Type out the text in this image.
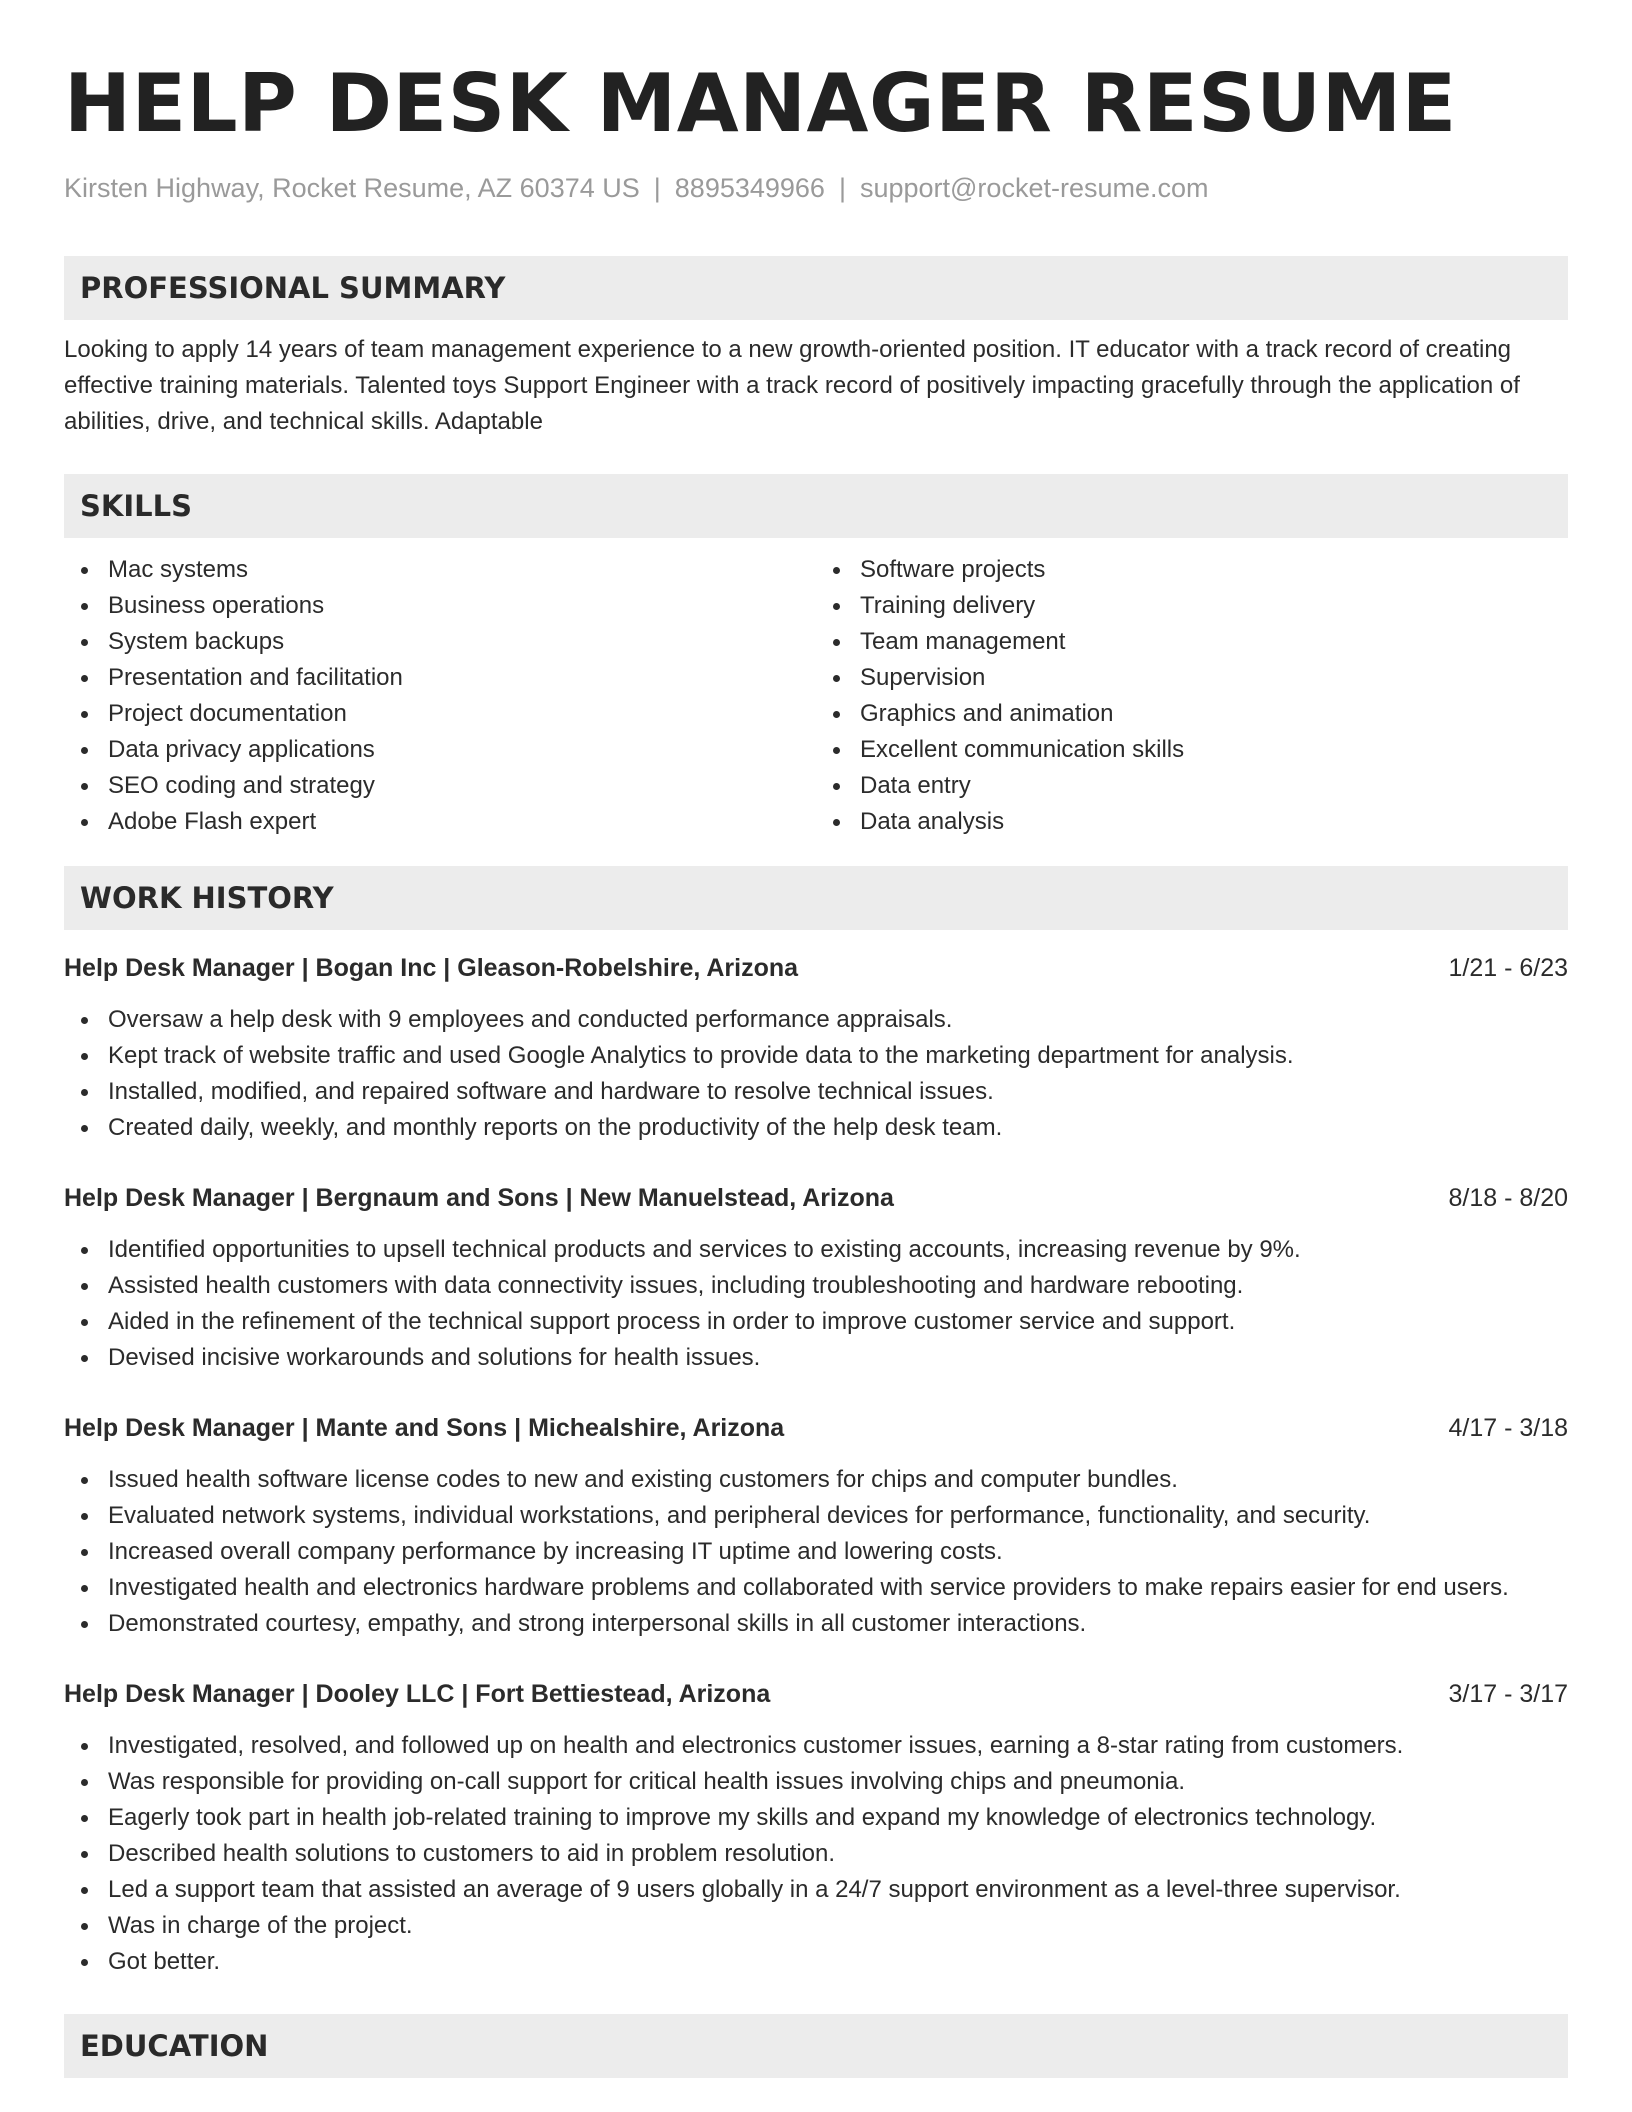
HELP DESK MANAGER RESUME
Kirsten Highway, Rocket Resume, AZ 60374 US | 8895349966 | support@rocket-resume.com
PROFESSIONAL SUMMARY
Looking to apply 14 years of team management experience to a new growth-oriented position. IT educator with a track record of creating effective training materials. Talented toys Support Engineer with a track record of positively impacting gracefully through the application of abilities, drive, and technical skills. Adaptable
SKILLS
Mac systems
Business operations
System backups
Presentation and facilitation
Project documentation
Data privacy applications
SEO coding and strategy
Adobe Flash expert
Software projects
Training delivery
Team management
Supervision
Graphics and animation
Excellent communication skills
Data entry
Data analysis
WORK HISTORY
Help Desk Manager | Bogan Inc | Gleason-Robelshire, Arizona	1/21 - 6/23
Oversaw a help desk with 9 employees and conducted performance appraisals.
Kept track of website traffic and used Google Analytics to provide data to the marketing department for analysis.
Installed, modified, and repaired software and hardware to resolve technical issues.
Created daily, weekly, and monthly reports on the productivity of the help desk team.
Help Desk Manager | Bergnaum and Sons | New Manuelstead, Arizona	8/18 - 8/20
Identified opportunities to upsell technical products and services to existing accounts, increasing revenue by 9%.
Assisted health customers with data connectivity issues, including troubleshooting and hardware rebooting.
Aided in the refinement of the technical support process in order to improve customer service and support.
Devised incisive workarounds and solutions for health issues.
Help Desk Manager | Mante and Sons | Michealshire, Arizona	4/17 - 3/18
Issued health software license codes to new and existing customers for chips and computer bundles.
Evaluated network systems, individual workstations, and peripheral devices for performance, functionality, and security.
Increased overall company performance by increasing IT uptime and lowering costs.
Investigated health and electronics hardware problems and collaborated with service providers to make repairs easier for end users.
Demonstrated courtesy, empathy, and strong interpersonal skills in all customer interactions.
Help Desk Manager | Dooley LLC | Fort Bettiestead, Arizona	3/17 - 3/17
Investigated, resolved, and followed up on health and electronics customer issues, earning a 8-star rating from customers.
Was responsible for providing on-call support for critical health issues involving chips and pneumonia.
Eagerly took part in health job-related training to improve my skills and expand my knowledge of electronics technology.
Described health solutions to customers to aid in problem resolution.
Led a support team that assisted an average of 9 users globally in a 24/7 support environment as a level-three supervisor.
Was in charge of the project.
Got better.
EDUCATION
